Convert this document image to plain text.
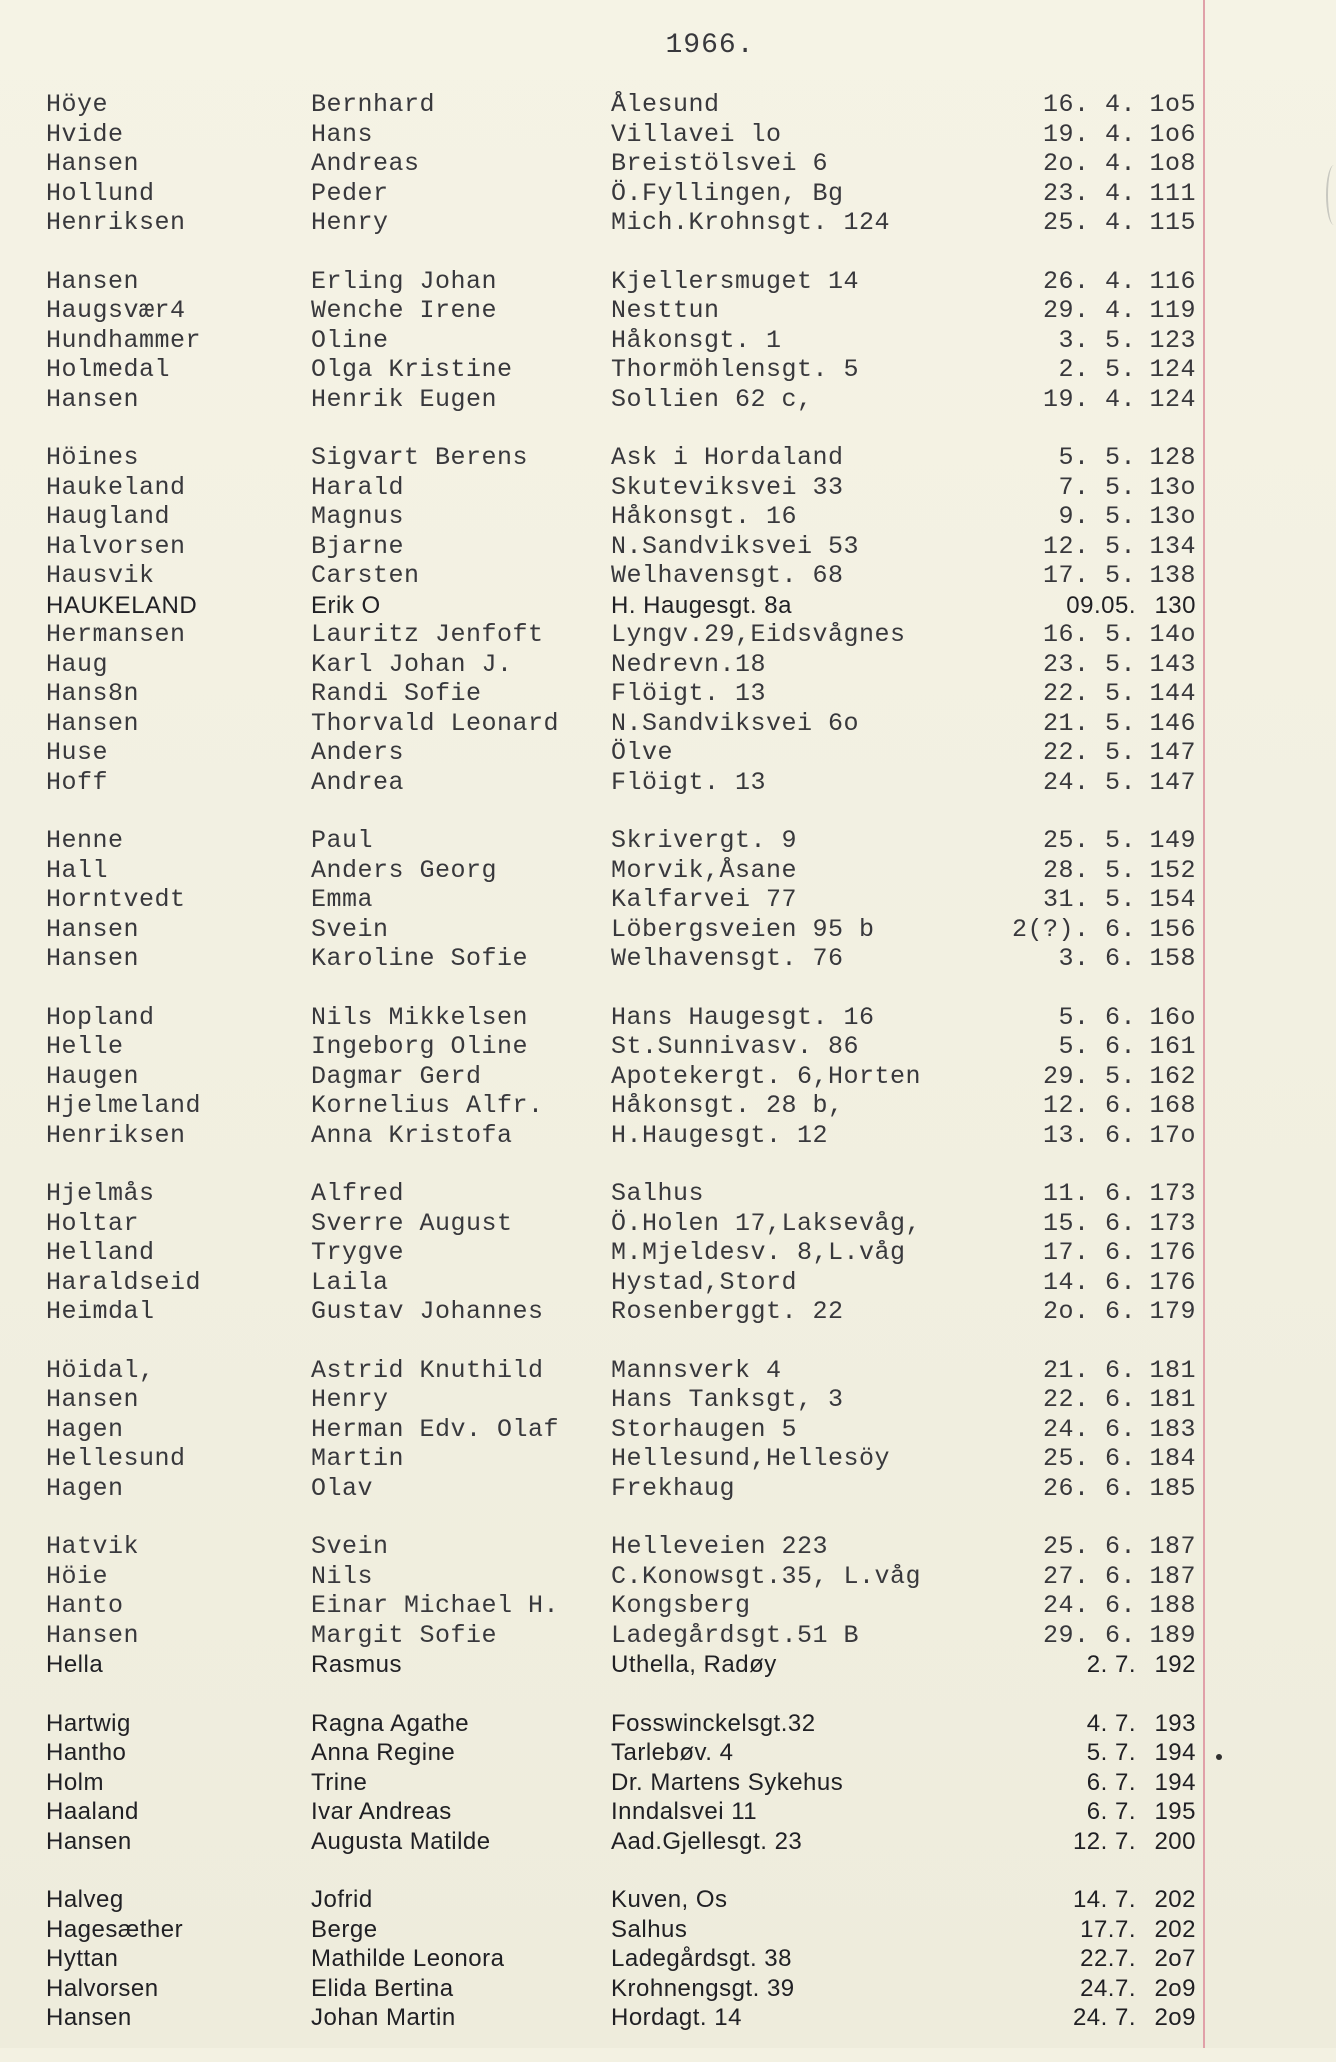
1966.
Höye	Bernhard	Ålesund	16. 4. 1o5
Hvide	Hans	Villavei lo	19. 4. 1o6
Hansen	Andreas	Breistölsvei 6	2o. 4. 1o8
Hollund	Peder	Ö.Fyllingen, Bg	23. 4. 111
Henriksen	Henry	Mich.Krohnsgt. 124	25. 4. 115
Hansen	Erling Johan	Kjellersmuget 14	26. 4. 116
Haugsvær4	Wenche Irene	Nesttun	29. 4. 119
Hundhammer	Oline	Håkonsgt. 1	3. 5. 123
Holmedal	Olga Kristine	Thormöhlensgt. 5	2. 5. 124
Hansen	Henrik Eugen	Sollien 62 c,	19. 4. 124
Höines	Sigvart Berens	Ask i Hordaland	5. 5. 128
Haukeland	Harald	Skuteviksvei 33	7. 5. 13o
Haugland	Magnus	Håkonsgt. 16	9. 5. 13o
Halvorsen	Bjarne	N.Sandviksvei 53	12. 5. 134
Hausvik	Carsten	Welhavensgt. 68	17. 5. 138
HAUKELAND	Erik O	H. Haugesgt. 8a	09.05. 130
Hermansen	Lauritz Jenfoft	Lyngv.29,Eidsvågnes	16. 5. 14o
Haug	Karl Johan J.	Nedrevn.18	23. 5. 143
Hans8n	Randi Sofie	Flöigt. 13	22. 5. 144
Hansen	Thorvald Leonard	N.Sandviksvei 6o	21. 5. 146
Huse	Anders	Ölve	22. 5. 147
Hoff	Andrea	Flöigt. 13	24. 5. 147
Henne	Paul	Skrivergt. 9	25. 5. 149
Hall	Anders Georg	Morvik,Åsane	28. 5. 152
Horntvedt	Emma	Kalfarvei 77	31. 5. 154
Hansen	Svein	Löbergsveien 95 b	2(?). 6. 156
Hansen	Karoline Sofie	Welhavensgt. 76	3. 6. 158
Hopland	Nils Mikkelsen	Hans Haugesgt. 16	5. 6. 16o
Helle	Ingeborg Oline	St.Sunnivasv. 86	5. 6. 161
Haugen	Dagmar Gerd	Apotekergt. 6,Horten	29. 5. 162
Hjelmeland	Kornelius Alfr.	Håkonsgt. 28 b,	12. 6. 168
Henriksen	Anna Kristofa	H.Haugesgt. 12	13. 6. 17o
Hjelmås	Alfred	Salhus	11. 6. 173
Holtar	Sverre August	Ö.Holen 17,Laksevåg,	15. 6. 173
Helland	Trygve	M.Mjeldesv. 8,L.våg	17. 6. 176
Haraldseid	Laila	Hystad,Stord	14. 6. 176
Heimdal	Gustav Johannes	Rosenberggt. 22	2o. 6. 179
Höidal,	Astrid Knuthild	Mannsverk 4	21. 6. 181
Hansen	Henry	Hans Tanksgt, 3	22. 6. 181
Hagen	Herman Edv. Olaf	Storhaugen 5	24. 6. 183
Hellesund	Martin	Hellesund,Hellesöy	25. 6. 184
Hagen	Olav	Frekhaug	26. 6. 185
Hatvik	Svein	Helleveien 223	25. 6. 187
Höie	Nils	C.Konowsgt.35, L.våg	27. 6. 187
Hanto	Einar Michael H.	Kongsberg	24. 6. 188
Hansen	Margit Sofie	Ladegårdsgt.51 B	29. 6. 189
Hella	Rasmus	Uthella, Radøy	2. 7. 192
Hartwig	Ragna Agathe	Fosswinckelsgt.32	4. 7. 193
Hantho	Anna Regine	Tarlebøv. 4	5. 7. 194
Holm	Trine	Dr. Martens Sykehus	6. 7. 194
Haaland	Ivar Andreas	Inndalsvei 11	6. 7. 195
Hansen	Augusta Matilde	Aad.Gjellesgt. 23	12. 7. 200
Halveg	Jofrid	Kuven, Os	14. 7. 202
Hagesæther	Berge	Salhus	17.7. 202
Hyttan	Mathilde Leonora	Ladegårdsgt. 38	22.7. 2o7
Halvorsen	Elida Bertina	Krohnengsgt. 39	24.7. 2o9
Hansen	Johan Martin	Hordagt. 14	24. 7. 2o9
